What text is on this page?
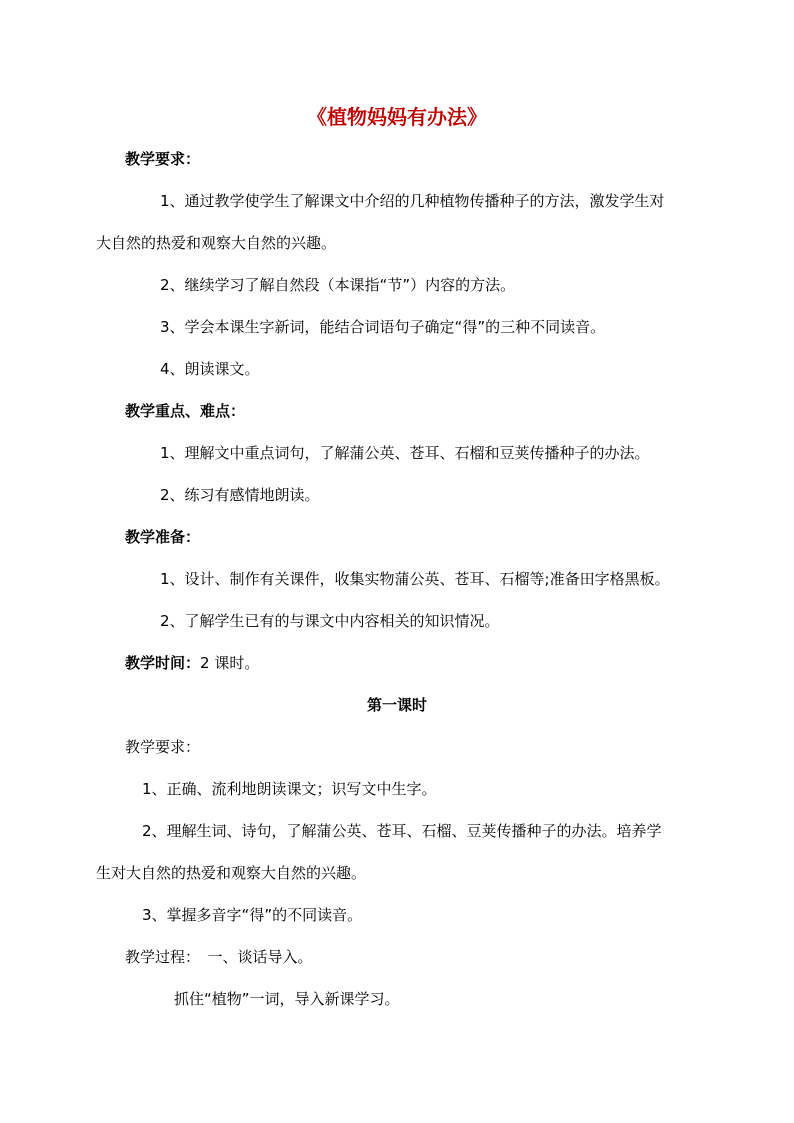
《植物妈妈有办法》
教学要求：
1、通过教学使学生了解课文中介绍的几种植物传播种子的方法，激发学生对
大自然的热爱和观察大自然的兴趣。
2、继续学习了解自然段（本课指“节”）内容的方法。
3、学会本课生字新词，能结合词语句子确定“得”的三种不同读音。
4、朗读课文。
教学重点、难点：
1、理解文中重点词句，了解蒲公英、苍耳、石榴和豆荚传播种子的办法。
2、练习有感情地朗读。
教学准备：
1、设计、制作有关课件，收集实物蒲公英、苍耳、石榴等;准备田字格黑板。
2、了解学生已有的与课文中内容相关的知识情况。
教学时间：2 课时。
第一课时
教学要求：
1、正确、流利地朗读课文；识写文中生字。
2、理解生词、诗句，了解蒲公英、苍耳、石榴、豆荚传播种子的办法。培养学
生对大自然的热爱和观察大自然的兴趣。
3、掌握多音字“得”的不同读音。
教学过程：　一、谈话导入。
抓住“植物”一词，导入新课学习。
